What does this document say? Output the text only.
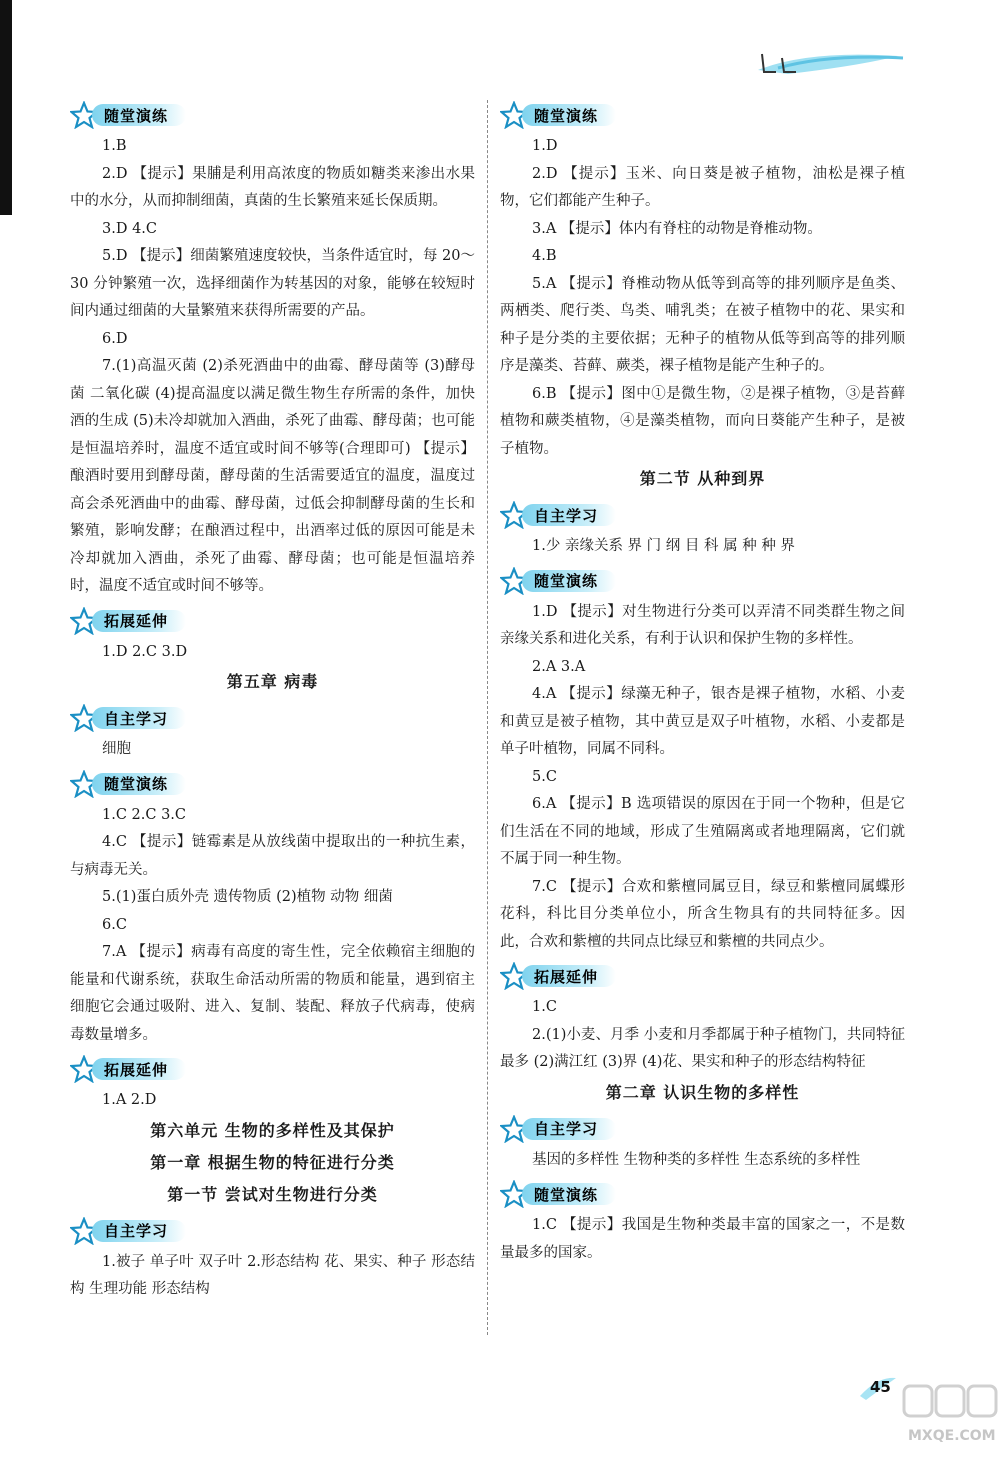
随堂演练
1.B
2.D 【提示】果脯是利用高浓度的物质如糖类来渗出水果中的水分，从而抑制细菌，真菌的生长繁殖来延长保质期。
3.D 4.C
5.D 【提示】细菌繁殖速度较快，当条件适宜时，每 20～30 分钟繁殖一次，选择细菌作为转基因的对象，能够在较短时间内通过细菌的大量繁殖来获得所需要的产品。
6.D
7.(1)高温灭菌 (2)杀死酒曲中的曲霉、酵母菌等 (3)酵母菌 二氧化碳 (4)提高温度以满足微生物生存所需的条件，加快酒的生成 (5)未冷却就加入酒曲，杀死了曲霉、酵母菌；也可能是恒温培养时，温度不适宜或时间不够等(合理即可) 【提示】酿酒时要用到酵母菌，酵母菌的生活需要适宜的温度，温度过高会杀死酒曲中的曲霉、酵母菌，过低会抑制酵母菌的生长和繁殖，影响发酵；在酿酒过程中，出酒率过低的原因可能是未冷却就加入酒曲，杀死了曲霉、酵母菌；也可能是恒温培养时，温度不适宜或时间不够等。
拓展延伸
1.D 2.C 3.D
第五章 病毒
自主学习
细胞
随堂演练
1.C 2.C 3.C
4.C 【提示】链霉素是从放线菌中提取出的一种抗生素，与病毒无关。
5.(1)蛋白质外壳 遗传物质 (2)植物 动物 细菌
6.C
7.A 【提示】病毒有高度的寄生性，完全依赖宿主细胞的能量和代谢系统，获取生命活动所需的物质和能量，遇到宿主细胞它会通过吸附、进入、复制、装配、释放子代病毒，使病毒数量增多。
拓展延伸
1.A 2.D
第六单元 生物的多样性及其保护
第一章 根据生物的特征进行分类
第一节 尝试对生物进行分类
自主学习
1.被子 单子叶 双子叶 2.形态结构 花、果实、种子 形态结构 生理功能 形态结构
随堂演练
1.D
2.D 【提示】玉米、向日葵是被子植物，油松是裸子植物，它们都能产生种子。
3.A 【提示】体内有脊柱的动物是脊椎动物。
4.B
5.A 【提示】脊椎动物从低等到高等的排列顺序是鱼类、两栖类、爬行类、鸟类、哺乳类；在被子植物中的花、果实和种子是分类的主要依据；无种子的植物从低等到高等的排列顺序是藻类、苔藓、蕨类，裸子植物是能产生种子的。
6.B 【提示】图中①是微生物，②是裸子植物，③是苔藓植物和蕨类植物，④是藻类植物，而向日葵能产生种子，是被子植物。
第二节 从种到界
自主学习
1.少 亲缘关系 界 门 纲 目 科 属 种 种 界
随堂演练
1.D 【提示】对生物进行分类可以弄清不同类群生物之间亲缘关系和进化关系，有利于认识和保护生物的多样性。
2.A 3.A
4.A 【提示】绿藻无种子，银杏是裸子植物，水稻、小麦和黄豆是被子植物，其中黄豆是双子叶植物，水稻、小麦都是单子叶植物，同属不同科。
5.C
6.A 【提示】B 选项错误的原因在于同一个物种，但是它们生活在不同的地域，形成了生殖隔离或者地理隔离，它们就不属于同一种生物。
7.C 【提示】合欢和紫檀同属豆目，绿豆和紫檀同属蝶形花科，科比目分类单位小，所含生物具有的共同特征多。因此，合欢和紫檀的共同点比绿豆和紫檀的共同点少。
拓展延伸
1.C
2.(1)小麦、月季 小麦和月季都属于种子植物门，共同特征最多 (2)满江红 (3)界 (4)花、果实和种子的形态结构特征
第二章 认识生物的多样性
自主学习
基因的多样性 生物种类的多样性 生态系统的多样性
随堂演练
1.C 【提示】我国是生物种类最丰富的国家之一，不是数量最多的国家。
45
MXQE.COM
